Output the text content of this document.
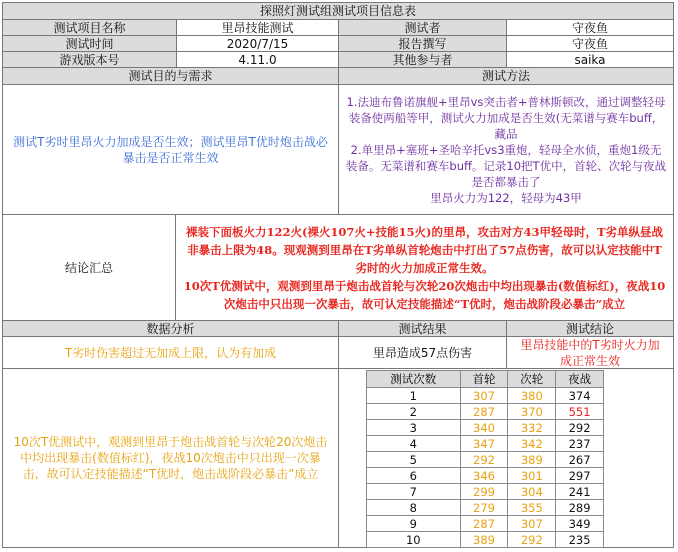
探照灯测试组测试项目信息表
测试项目名称	里昂技能测试	测试者	守夜鱼
测试时间	2020/7/15	报告撰写	守夜鱼
游戏版本号	4.11.0	其他参与者	saika
测试目的与需求	测试方法
测试T劣时里昂火力加成是否生效；测试里昂T优时炮击战必暴击是否正常生效
1.法迪布鲁诺旗舰+里昂vs突击者+普林斯顿改，通过调整轻母装备使两船等甲，测试火力加成是否生效(无菜谱与赛车buff，藏品
2.单里昂+塞班+圣哈辛托vs3重炮，轻母全水侦，重炮1级无装备。无菜谱和赛车buff。记录10把T优中，首轮、次轮与夜战是否都暴击了
里昂火力为122，轻母为43甲
结论汇总
裸装下面板火力122火(裸火107火+技能15火)的里昂，攻击对方43甲轻母时，T劣单纵昼战非暴击上限为48。现观测到里昂在T劣单纵首轮炮击中打出了57点伤害，故可以认定技能中T劣时的火力加成正常生效。
10次T优测试中，观测到里昂于炮击战首轮与次轮20次炮击中均出现暴击(数值标红)，夜战10次炮击中只出现一次暴击，故可认定技能描述“T优时，炮击战阶段必暴击”成立
数据分析	测试结果	测试结论
T劣时伤害超过无加成上限，认为有加成	里昂造成57点伤害
里昂技能中的T劣时火力加成正常生效
10次T优测试中，观测到里昂于炮击战首轮与次轮20次炮击中均出现暴击(数值标红)，夜战10次炮击中只出现一次暴击，故可认定技能描述“T优时，炮击战阶段必暴击”成立
测试次数	首轮	次轮	夜战
1	307	380	374
2	287	370	551
3	340	332	292
4	347	342	237
5	292	389	267
6	346	301	297
7	299	304	241
8	279	355	289
9	287	307	349
10	389	292	235
